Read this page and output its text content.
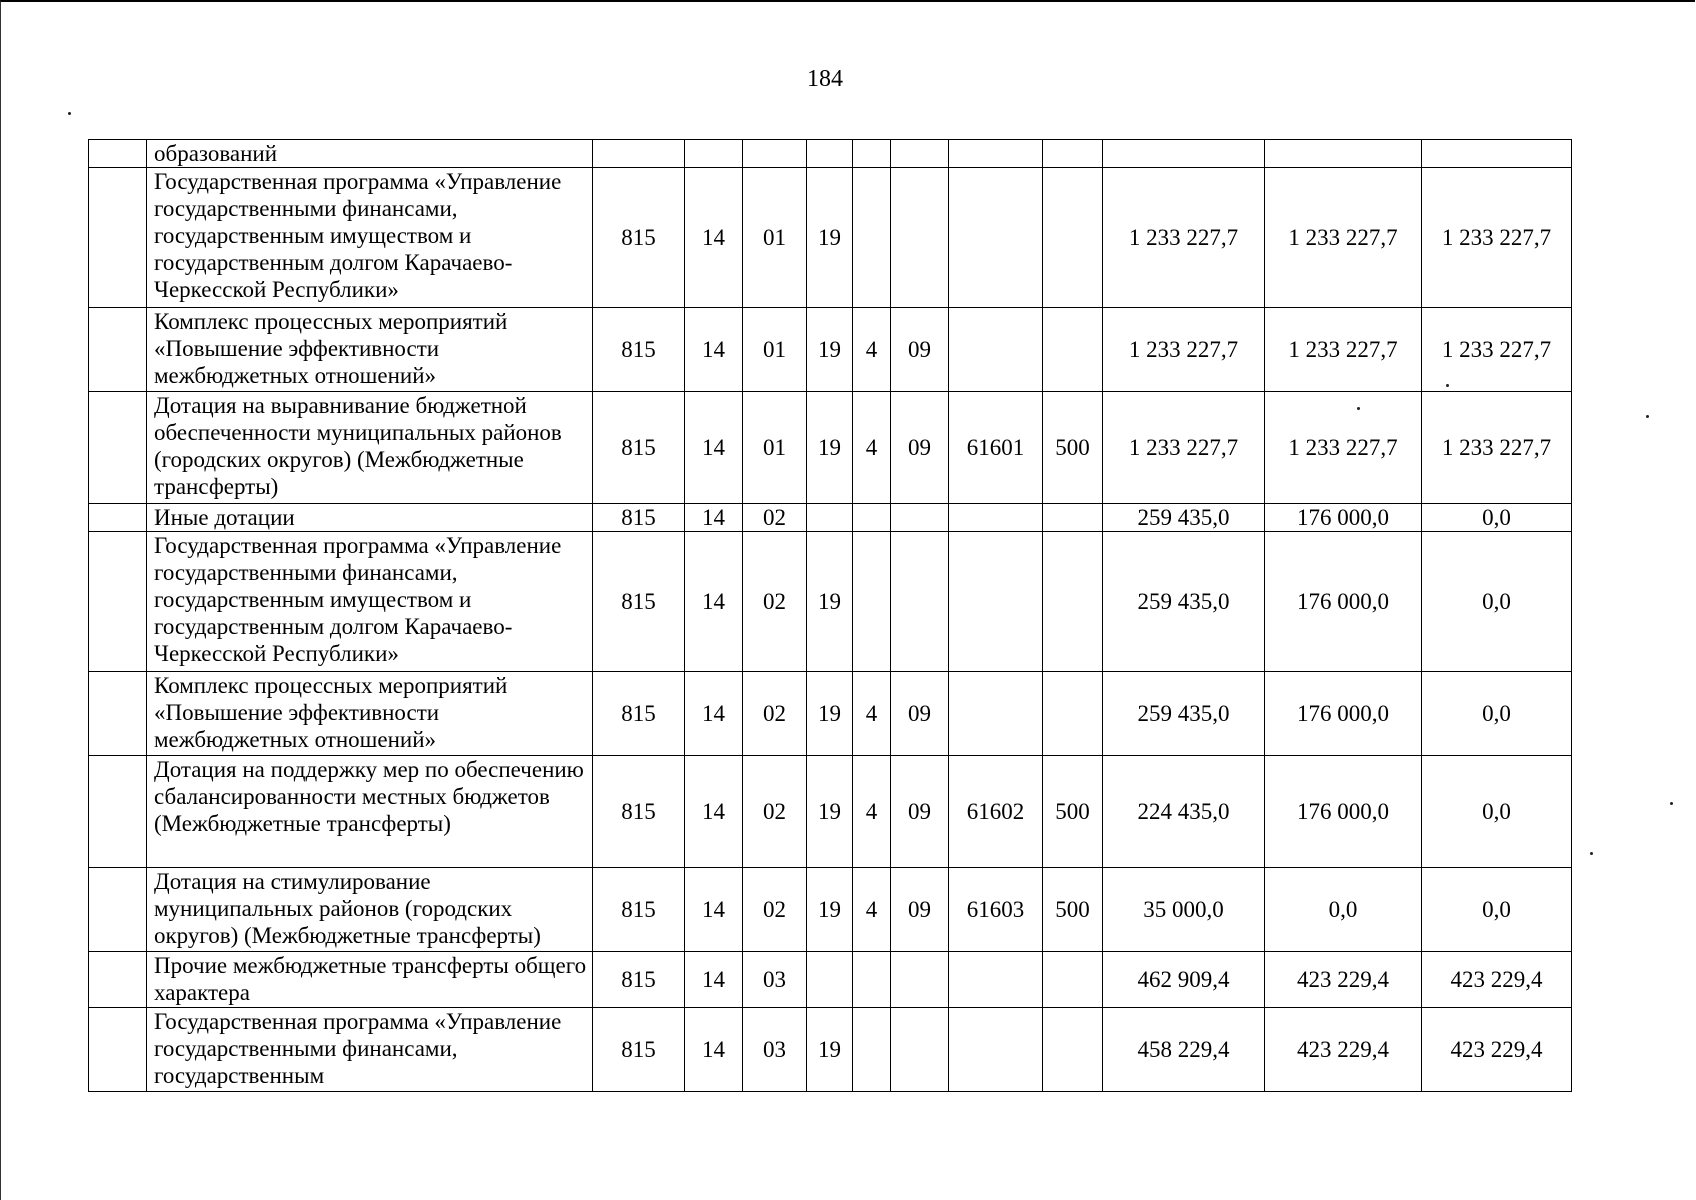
184
	образований											
	Государственная программа «Управление государственными финансами, государственным имуществом и государственным долгом Карачаево-Черкесской Республики»	815	14	01	19					1 233 227,7	1 233 227,7	1 233 227,7
	Комплекс процессных мероприятий «Повышение эффективности межбюджетных отношений»	815	14	01	19	4	09			1 233 227,7	1 233 227,7	1 233 227,7
	Дотация на выравнивание бюджетной обеспеченности муниципальных районов (городских округов) (Межбюджетные трансферты)	815	14	01	19	4	09	61601	500	1 233 227,7	1 233 227,7	1 233 227,7
	Иные дотации	815	14	02						259 435,0	176 000,0	0,0
	Государственная программа «Управление государственными финансами, государственным имуществом и государственным долгом Карачаево-Черкесской Республики»	815	14	02	19					259 435,0	176 000,0	0,0
	Комплекс процессных мероприятий «Повышение эффективности межбюджетных отношений»	815	14	02	19	4	09			259 435,0	176 000,0	0,0
	Дотация на поддержку мер по обеспечению сбалансированности местных бюджетов (Межбюджетные трансферты)	815	14	02	19	4	09	61602	500	224 435,0	176 000,0	0,0
	Дотация на стимулирование муниципальных районов (городских округов) (Межбюджетные трансферты)	815	14	02	19	4	09	61603	500	35 000,0	0,0	0,0
	Прочие межбюджетные трансферты общего характера	815	14	03						462 909,4	423 229,4	423 229,4
	Государственная программа «Управление государственными финансами, государственным	815	14	03	19					458 229,4	423 229,4	423 229,4
